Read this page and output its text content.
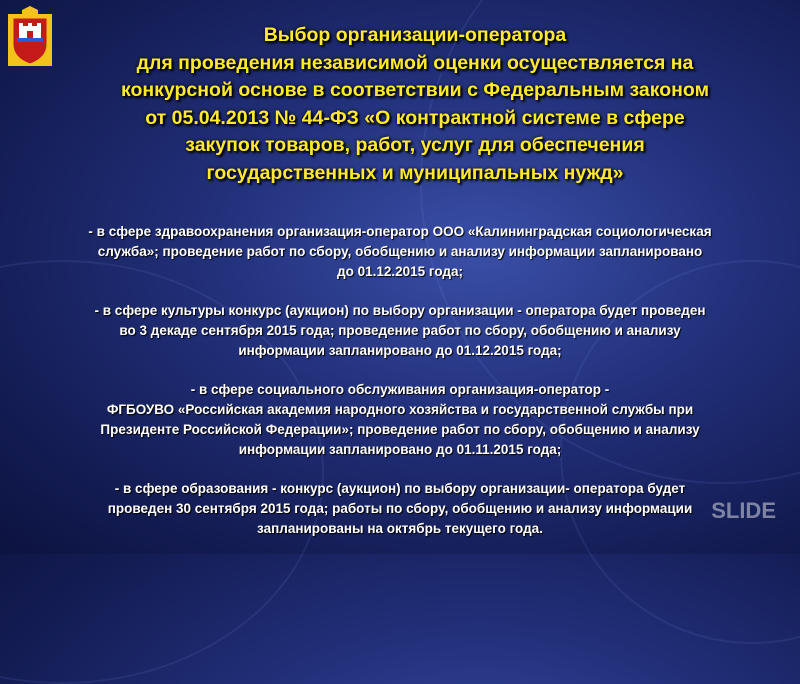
Выбор организации-оператора
для проведения независимой оценки осуществляется на
конкурсной основе в соответствии с Федеральным законом
от 05.04.2013 № 44-ФЗ «О контрактной системе в сфере
закупок товаров, работ, услуг для обеспечения
государственных и муниципальных нужд»
- в сфере здравоохранения организация-оператор ООО «Калининградская социологическая
служба»; проведение работ по сбору, обобщению и анализу информации запланировано
до 01.12.2015 года;
- в сфере культуры конкурс (аукцион) по выбору организации - оператора будет проведен
во 3 декаде сентября 2015 года; проведение работ по сбору, обобщению и анализу
информации запланировано до 01.12.2015 года;
- в сфере социального обслуживания организация-оператор -
ФГБОУВО «Российская академия народного хозяйства и государственной службы при
Президенте Российской Федерации»; проведение работ по сбору, обобщению и анализу
информации запланировано до 01.11.2015 года;
- в сфере образования - конкурс (аукцион) по выбору организации- оператора будет
проведен 30 сентября 2015 года; работы по сбору, обобщению и анализу информации
запланированы на октябрь текущего года.
SLIDE
